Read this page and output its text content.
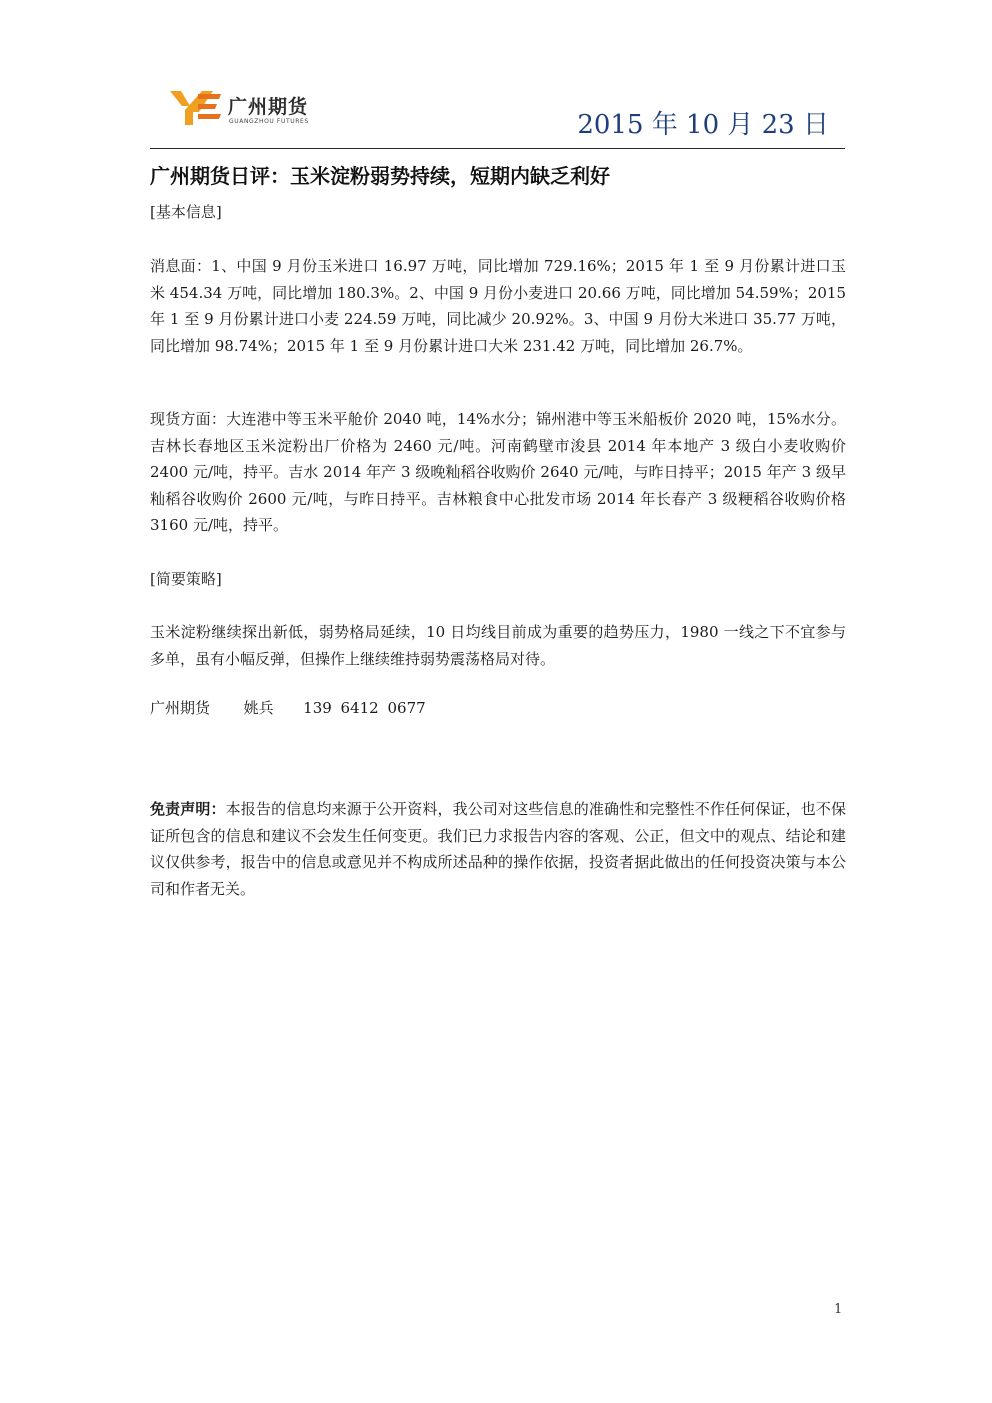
广州期货
GUANGZHOU FUTURES	2015 年 10 月 23 日
广州期货日评：玉米淀粉弱势持续，短期内缺乏利好
[基本信息]
消息面：1、中国 9 月份玉米进口 16.97 万吨，同比增加 729.16%；2015 年 1 至 9 月份累计进口玉米 454.34 万吨，同比增加 180.3%。2、中国 9 月份小麦进口 20.66 万吨，同比增加 54.59%；2015 年 1 至 9 月份累计进口小麦 224.59 万吨，同比减少 20.92%。3、中国 9 月份大米进口 35.77 万吨，同比增加 98.74%；2015 年 1 至 9 月份累计进口大米 231.42 万吨，同比增加 26.7%。
现货方面：大连港中等玉米平舱价 2040 吨，14%水分；锦州港中等玉米船板价 2020 吨，15%水分。吉林长春地区玉米淀粉出厂价格为 2460 元/吨。河南鹤壁市浚县 2014 年本地产 3 级白小麦收购价 2400 元/吨，持平。吉水 2014 年产 3 级晚籼稻谷收购价 2640 元/吨，与昨日持平；2015 年产 3 级早籼稻谷收购价 2600 元/吨，与昨日持平。吉林粮食中心批发市场 2014 年长春产 3 级粳稻谷收购价格 3160 元/吨，持平。
[简要策略]
玉米淀粉继续探出新低，弱势格局延续，10 日均线目前成为重要的趋势压力，1980 一线之下不宜参与多单，虽有小幅反弹，但操作上继续维持弱势震荡格局对待。
广州期货 姚兵 139 6412 0677
免责声明：本报告的信息均来源于公开资料，我公司对这些信息的准确性和完整性不作任何保证，也不保证所包含的信息和建议不会发生任何变更。我们已力求报告内容的客观、公正，但文中的观点、结论和建议仅供参考，报告中的信息或意见并不构成所述品种的操作依据，投资者据此做出的任何投资决策与本公司和作者无关。
1
